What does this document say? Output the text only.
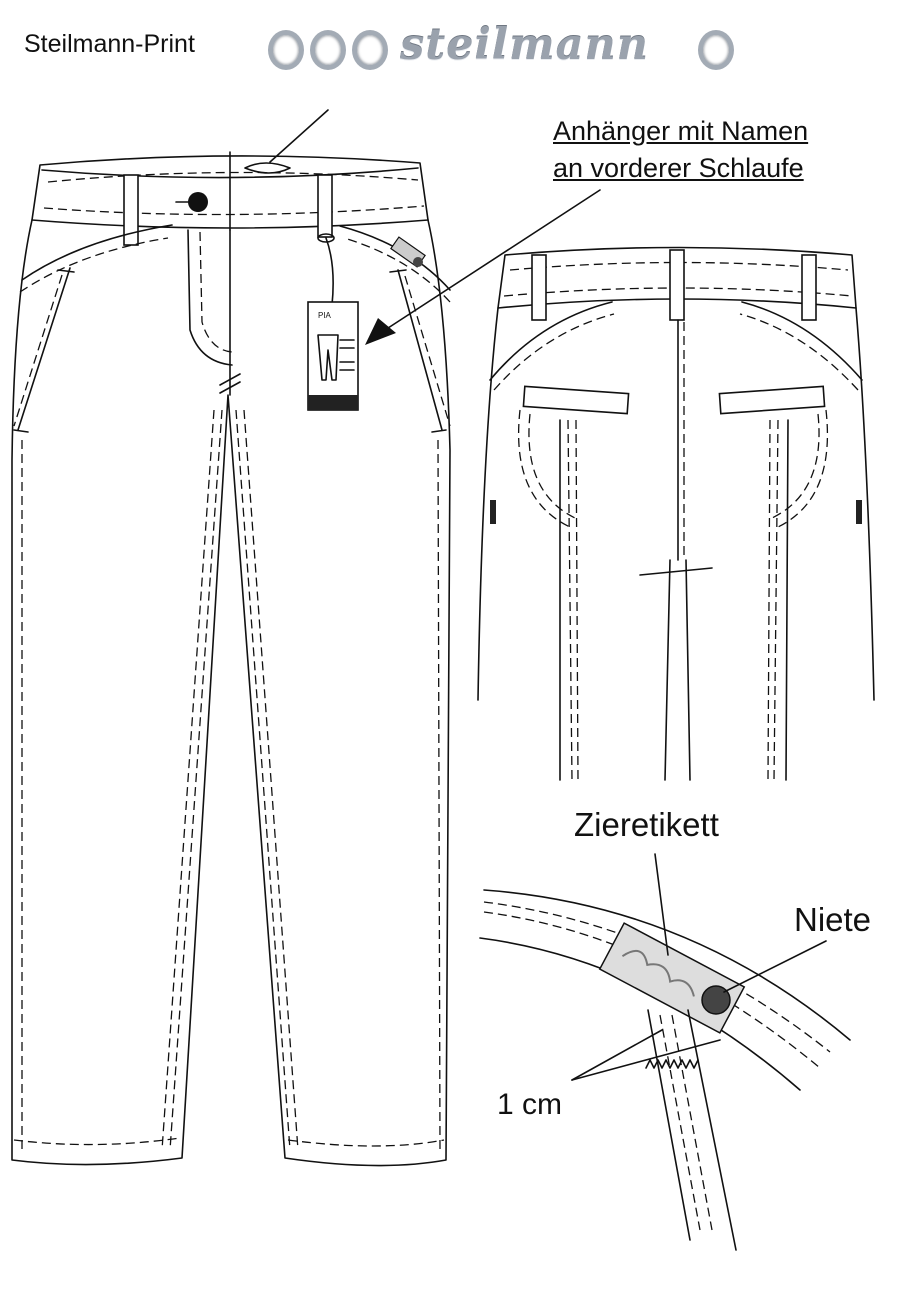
Steilmann-Print	steilmann
PIA
Anhänger mit Namen
an vorderer Schlaufe
Zieretikett
Niete
1 cm
